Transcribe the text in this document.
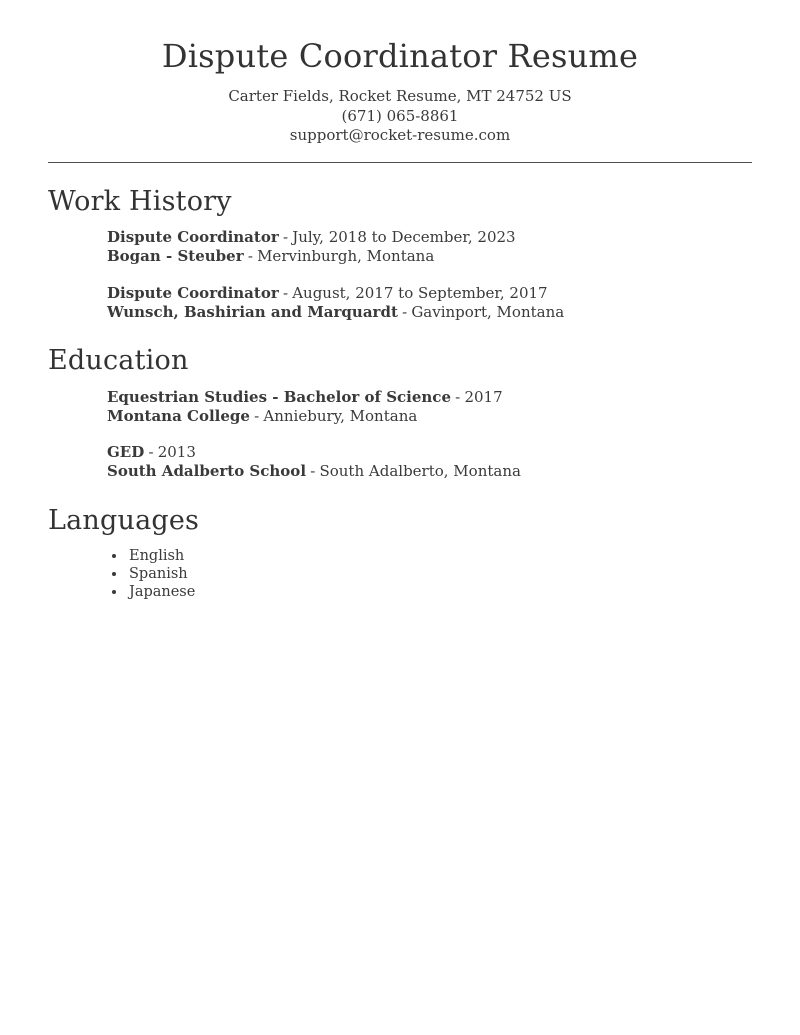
Dispute Coordinator Resume
Carter Fields, Rocket Resume, MT 24752 US
(671) 065-8861
support@rocket-resume.com
Work History
Dispute Coordinator - July, 2018 to December, 2023
Bogan - Steuber - Mervinburgh, Montana
Dispute Coordinator - August, 2017 to September, 2017
Wunsch, Bashirian and Marquardt - Gavinport, Montana
Education
Equestrian Studies - Bachelor of Science - 2017
Montana College - Anniebury, Montana
GED - 2013
South Adalberto School - South Adalberto, Montana
Languages
• English
• Spanish
• Japanese
